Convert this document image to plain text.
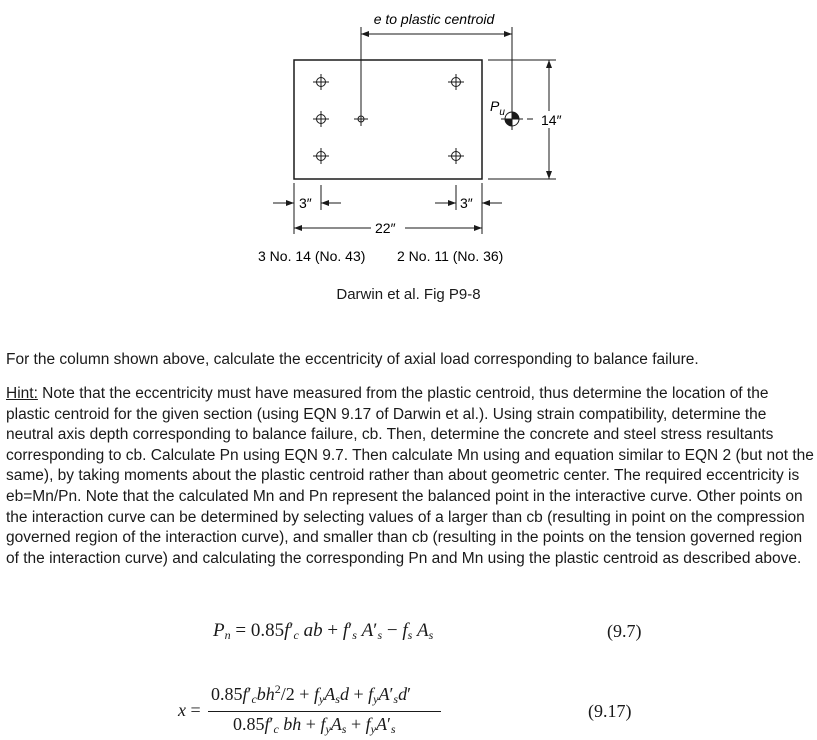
e to plastic centroid
$P_u$	14″
3″	3″
22″
3 No. 14 (No. 43) 2 No. 11 (No. 36)
Darwin et al. Fig P9-8
For the column shown above, calculate the eccentricity of axial load corresponding to balance failure.
Hint: Note that the eccentricity must have measured from the plastic centroid, thus determine the location of the plastic centroid for the given section (using EQN 9.17 of Darwin et al.). Using strain compatibility, determine the neutral axis depth corresponding to balance failure, cb. Then, determine the concrete and steel stress resultants corresponding to cb. Calculate Pn using EQN 9.7. Then calculate Mn using and equation similar to EQN 2 (but not the same), by taking moments about the plastic centroid rather than about geometric center. The required eccentricity is eb=Mn/Pn. Note that the calculated Mn and Pn represent the balanced point in the interactive curve. Other points on the interaction curve can be determined by selecting values of a larger than cb (resulting in point on the compression governed region of the interaction curve), and smaller than cb (resulting in the points on the tension governed region of the interaction curve) and calculating the corresponding Pn and Mn using the plastic centroid as described above.
$P_n = 0.85f'_c$ ab + $f'_s$ $A'_s - f_s$ $A_s$	(9.7)
x =
$0.85f'_cbh^2/2 + f_yA_sd + f_yA'_sd'$
$0.85f'_c$ bh + $f_yA_s + f_yA'_s$
(9.17)
